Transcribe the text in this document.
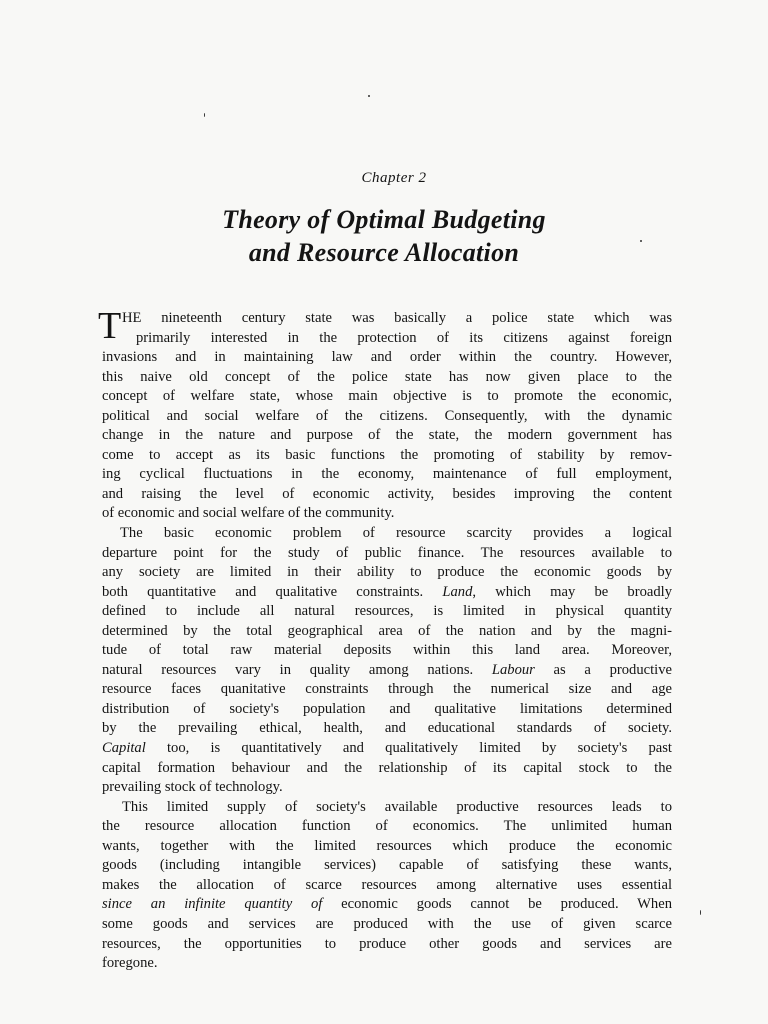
Chapter 2
Theory of Optimal Budgeting
and Resource Allocation
T HE nineteenth century state was basically a police state which was
primarily interested in the protection of its citizens against foreign
invasions and in maintaining law and order within the country. However,
this naive old concept of the police state has now given place to the
concept of welfare state, whose main objective is to promote the economic,
political and social welfare of the citizens. Consequently, with the dynamic
change in the nature and purpose of the state, the modern government has
come to accept as its basic functions the promoting of stability by remov-
ing cyclical fluctuations in the economy, maintenance of full employment,
and raising the level of economic activity, besides improving the content
of economic and social welfare of the community.
The basic economic problem of resource scarcity provides a logical
departure point for the study of public finance. The resources available to
any society are limited in their ability to produce the economic goods by
both quantitative and qualitative constraints. Land, which may be broadly
defined to include all natural resources, is limited in physical quantity
determined by the total geographical area of the nation and by the magni-
tude of total raw material deposits within this land area. Moreover,
natural resources vary in quality among nations. Labour as a productive
resource faces quanitative constraints through the numerical size and age
distribution of society's population and qualitative limitations determined
by the prevailing ethical, health, and educational standards of society.
Capital too, is quantitatively and qualitatively limited by society's past
capital formation behaviour and the relationship of its capital stock to the
prevailing stock of technology.
This limited supply of society's available productive resources leads to
the resource allocation function of economics. The unlimited human
wants, together with the limited resources which produce the economic
goods (including intangible services) capable of satisfying these wants,
makes the allocation of scarce resources among alternative uses essential
since an infinite quantity of economic goods cannot be produced. When
some goods and services are produced with the use of given scarce
resources, the opportunities to produce other goods and services are
foregone.
